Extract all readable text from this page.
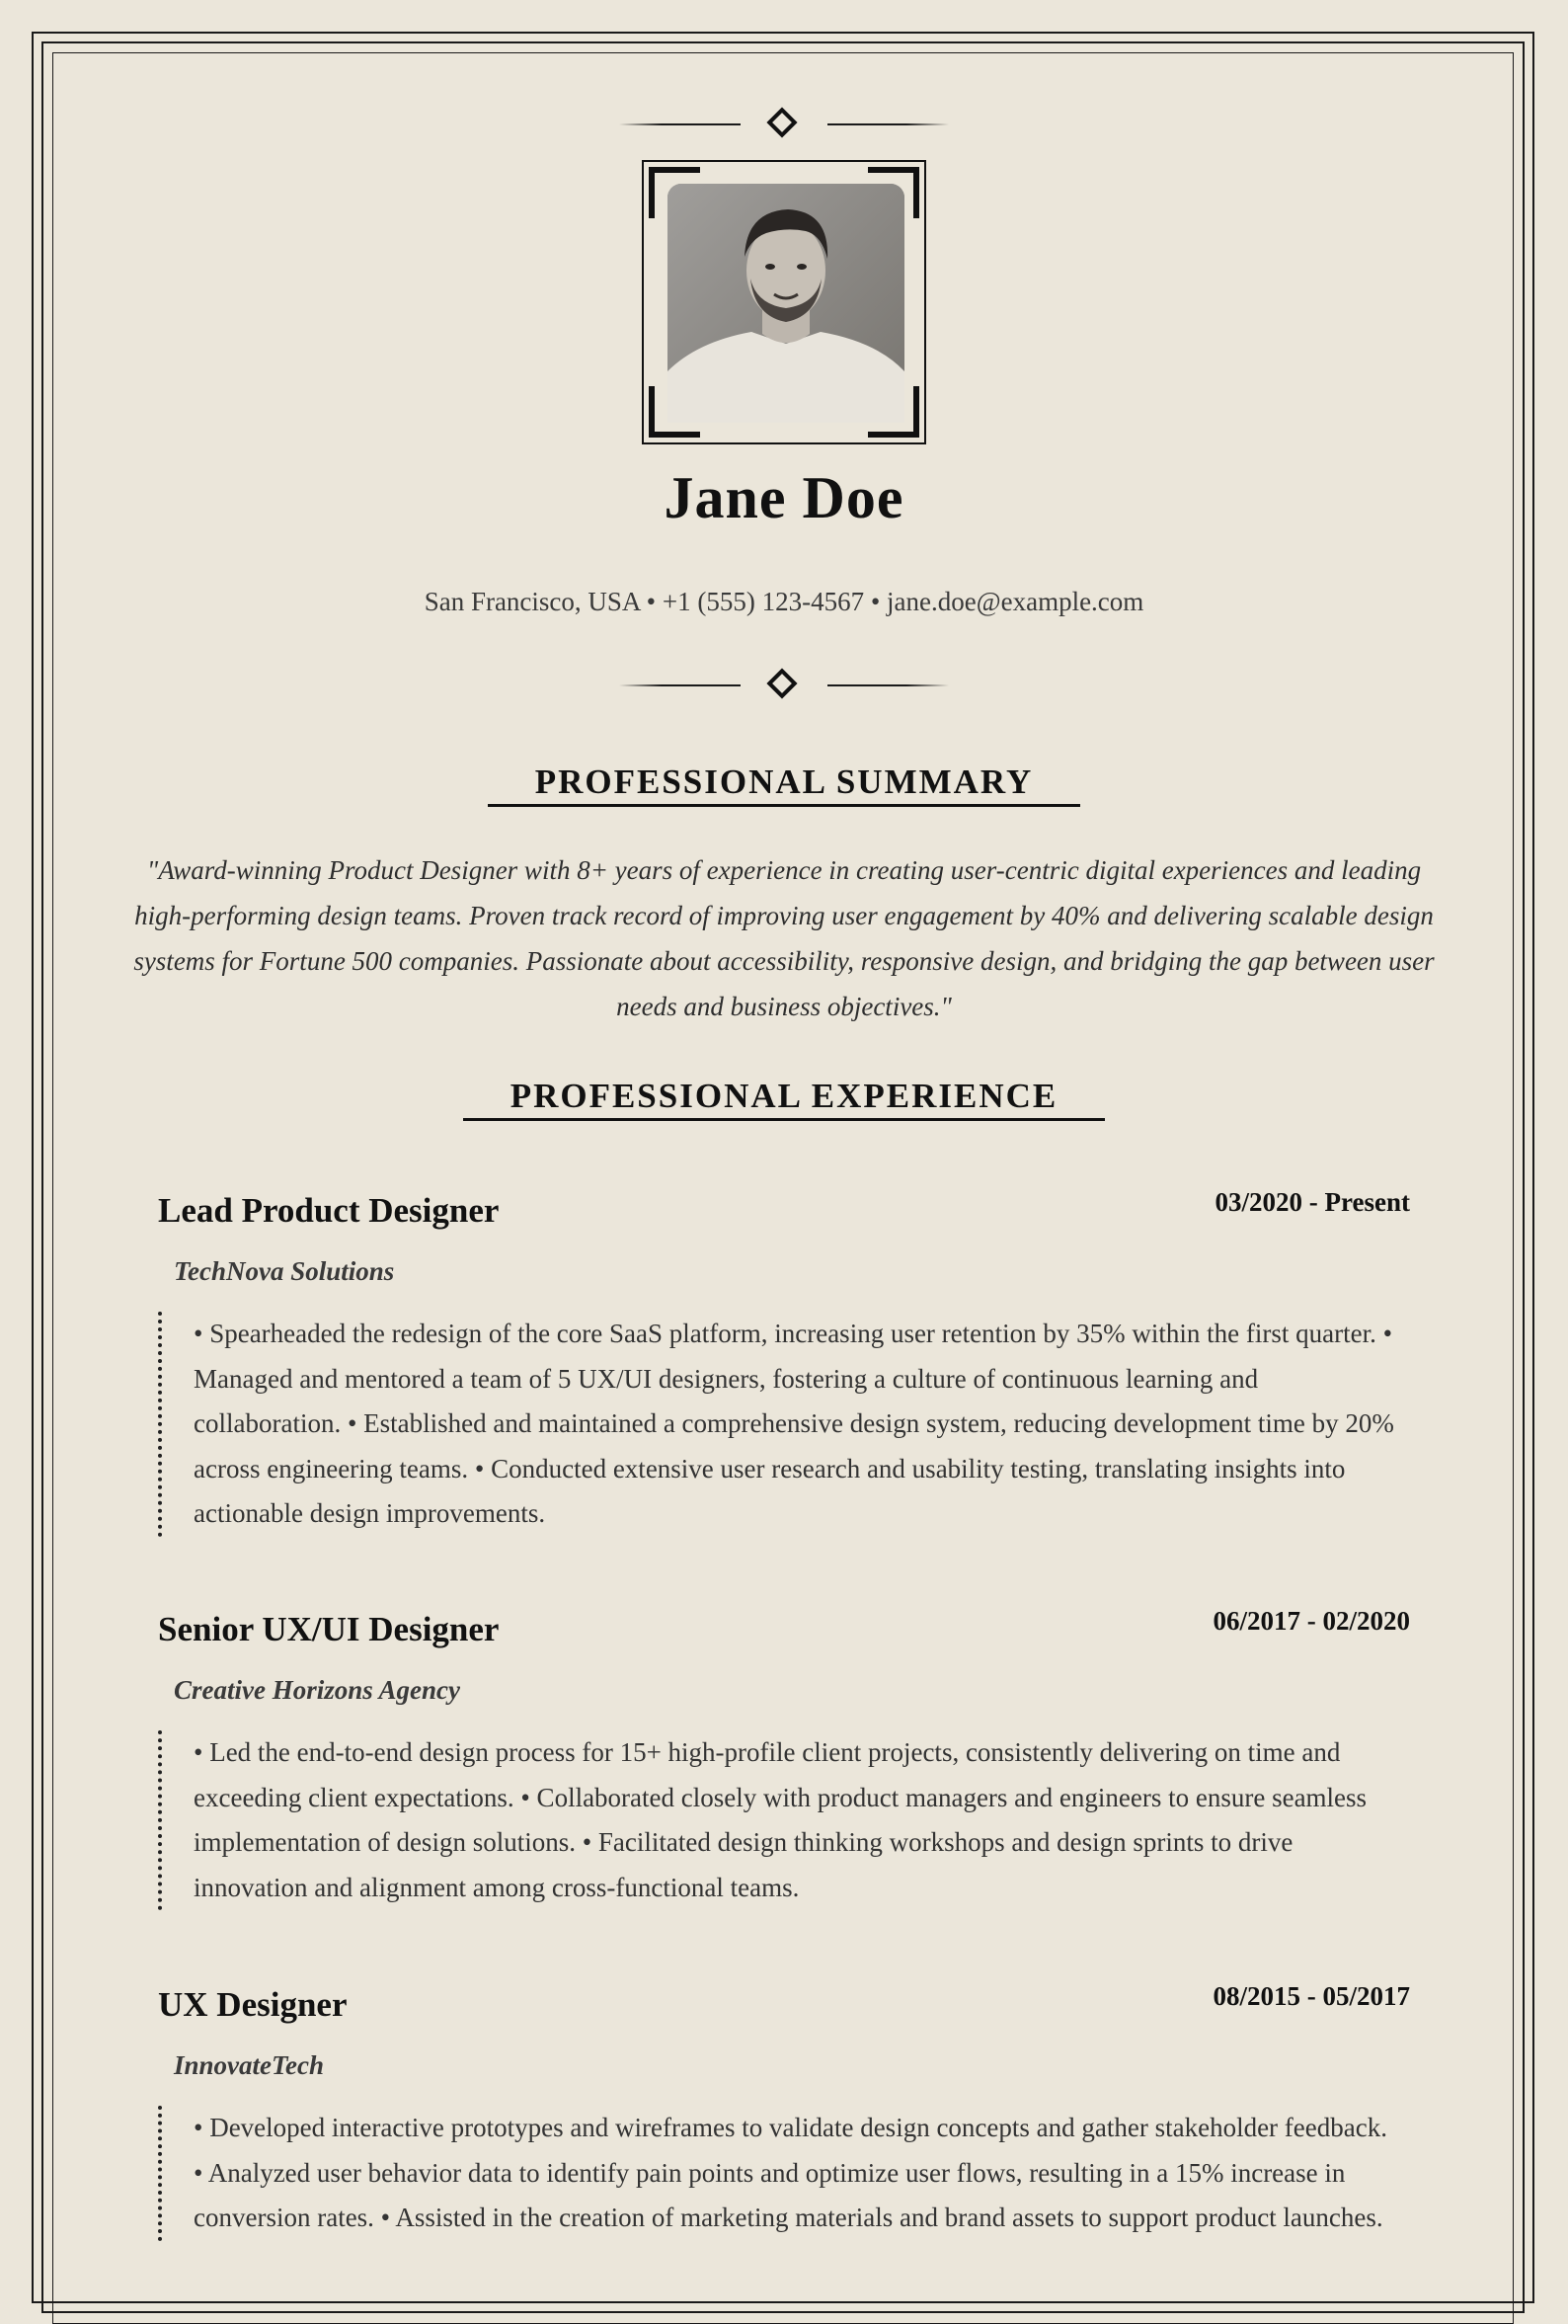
Jane Doe
San Francisco, USA • +1 (555) 123-4567 • jane.doe@example.com
PROFESSIONAL SUMMARY
"Award-winning Product Designer with 8+ years of experience in creating user-centric digital experiences and leading high-performing design teams. Proven track record of improving user engagement by 40% and delivering scalable design systems for Fortune 500 companies. Passionate about accessibility, responsive design, and bridging the gap between user needs and business objectives."
PROFESSIONAL EXPERIENCE
Lead Product Designer	03/2020 - Present
TechNova Solutions
• Spearheaded the redesign of the core SaaS platform, increasing user retention by 35% within the first quarter. • Managed and mentored a team of 5 UX/UI designers, fostering a culture of continuous learning and collaboration. • Established and maintained a comprehensive design system, reducing development time by 20% across engineering teams. • Conducted extensive user research and usability testing, translating insights into actionable design improvements.
Senior UX/UI Designer	06/2017 - 02/2020
Creative Horizons Agency
• Led the end-to-end design process for 15+ high-profile client projects, consistently delivering on time and exceeding client expectations. • Collaborated closely with product managers and engineers to ensure seamless implementation of design solutions. • Facilitated design thinking workshops and design sprints to drive innovation and alignment among cross-functional teams.
UX Designer	08/2015 - 05/2017
InnovateTech
• Developed interactive prototypes and wireframes to validate design concepts and gather stakeholder feedback. • Analyzed user behavior data to identify pain points and optimize user flows, resulting in a 15% increase in conversion rates. • Assisted in the creation of marketing materials and brand assets to support product launches.
